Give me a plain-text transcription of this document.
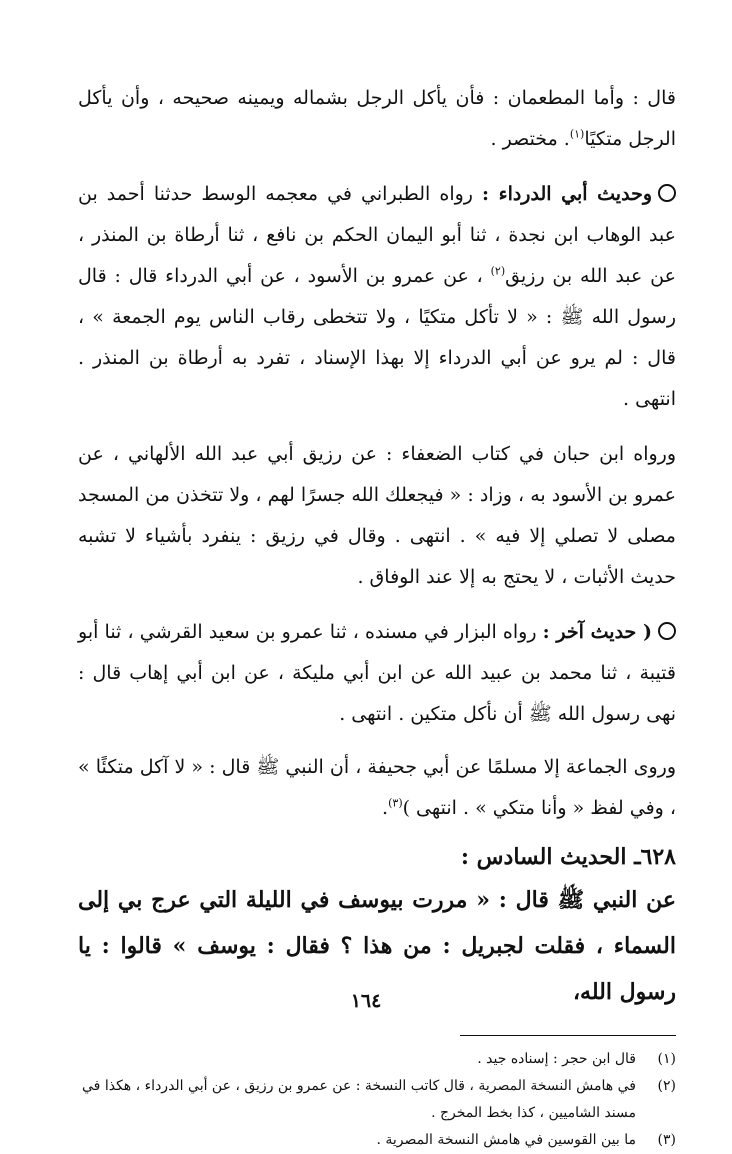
قال : وأما المطعمان : فأن يأكل الرجل بشماله ويمينه صحيحه ، وأن يأكل الرجل متكيًا$^{(١)}$. مختصر .

وحديث أبي الدرداء : رواه الطبراني في معجمه الوسط حدثنا أحمد بن عبد الوهاب ابن نجدة ، ثنا أبو اليمان الحكم بن نافع ، ثنا أرطاة بن المنذر ، عن عبد الله بن رزيق$^{(٢)}$ ، عن عمرو بن الأسود ، عن أبي الدرداء قال : قال رسول الله ﷺ : « لا تأكل متكيًا ، ولا تتخطى رقاب الناس يوم الجمعة » ، قال : لم يرو عن أبي الدرداء إلا بهذا الإسناد ، تفرد به أرطاة بن المنذر . انتهى .

ورواه ابن حبان في كتاب الضعفاء : عن رزيق أبي عبد الله الألهاني ، عن عمرو بن الأسود به ، وزاد : « فيجعلك الله جسرًا لهم ، ولا تتخذن من المسجد مصلى لا تصلي إلا فيه » . انتهى . وقال في رزيق : ينفرد بأشياء لا تشبه حديث الأثبات ، لا يحتج به إلا عند الوفاق .

( حديث آخر : رواه البزار في مسنده ، ثنا عمرو بن سعيد القرشي ، ثنا أبو قتيبة ، ثنا محمد بن عبيد الله عن ابن أبي مليكة ، عن ابن أبي إهاب قال : نهى رسول الله ﷺ أن نأكل متكين . انتهى .

وروى الجماعة إلا مسلمًا عن أبي جحيفة ، أن النبي ﷺ قال : « لا آكل متكئًا » ، وفي لفظ « وأنا متكي » . انتهى )$^{(٣)}$.

٦٢٨ـ الحديث السادس :

عن النبي ﷺ قال : « مررت بيوسف في الليلة التي عرج بي إلى السماء ، فقلت لجبريل : من هذا ؟ فقال : يوسف » قالوا : يا رسول الله،

(١)
قال ابن حجر : إسناده جيد .
(٢)
في هامش النسخة المصرية ، قال كاتب النسخة : عن عمرو بن رزيق ، عن أبي الدرداء ، هكذا في مسند الشاميين ، كذا بخط المخرج .
(٣)
ما بين القوسين في هامش النسخة المصرية .
١٦٤
